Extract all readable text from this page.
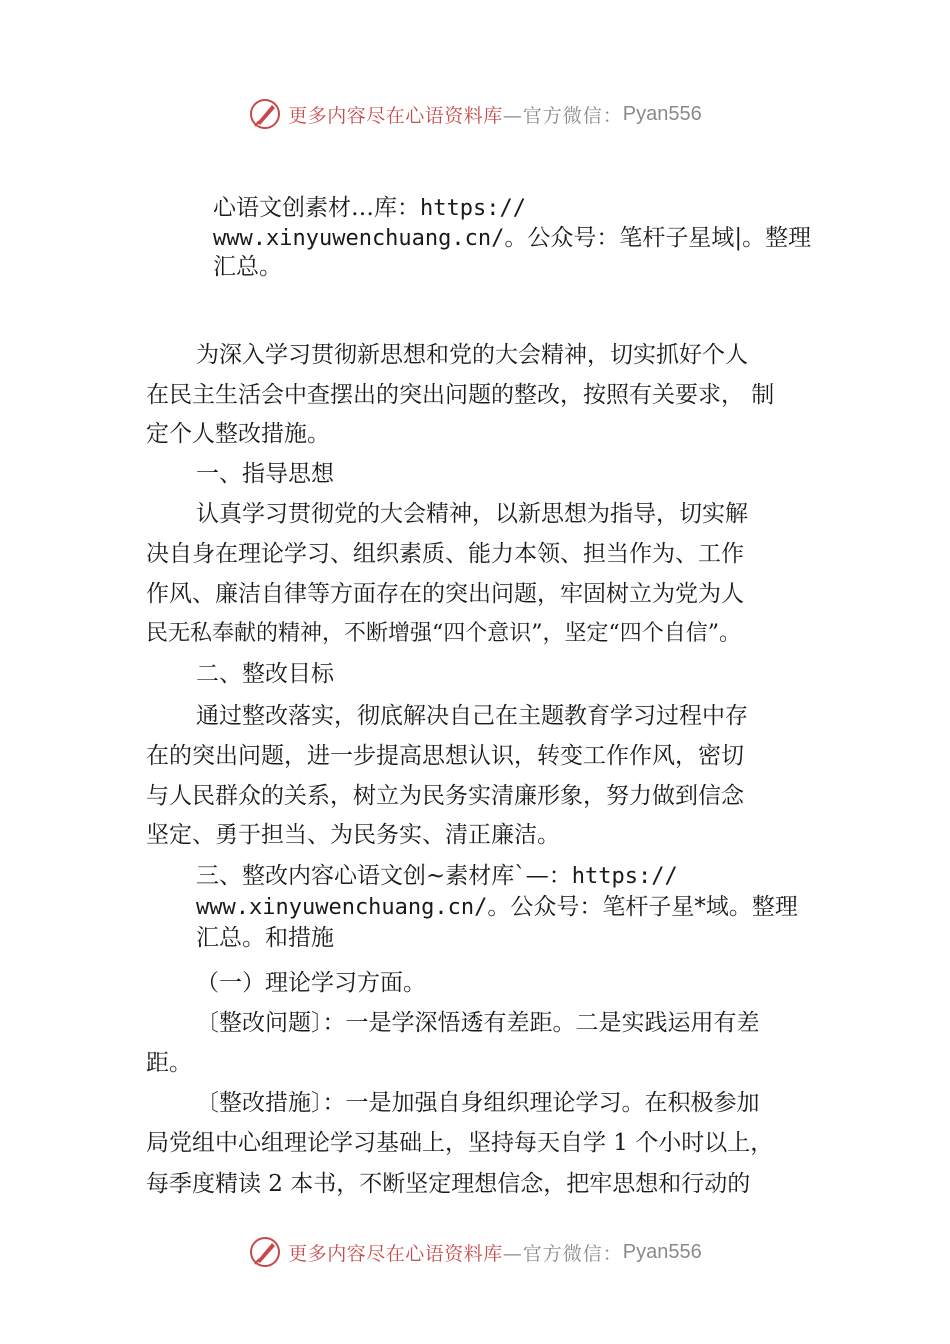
更多内容尽在心语资料库 —官方微信： Pyan556
心语文创素材…库：https://
www.xinyuwenchuang.cn/。公众号：笔杆子星域|。整理
汇总。
为深入学习贯彻新思想和党的大会精神，切实抓好个人
在民主生活会中查摆出的突出问题的整改，按照有关要求， 制
定个人整改措施。
一、指导思想
认真学习贯彻党的大会精神，以新思想为指导，切实解
决自身在理论学习、组织素质、能力本领、担当作为、工作
作风、廉洁自律等方面存在的突出问题，牢固树立为党为人
民无私奉献的精神，不断增强“四个意识”，坚定“四个自信”。
二、整改目标
通过整改落实，彻底解决自己在主题教育学习过程中存
在的突出问题，进一步提高思想认识，转变工作作风，密切
与人民群众的关系，树立为民务实清廉形象，努力做到信念
坚定、勇于担当、为民务实、清正廉洁。
三、整改内容心语文创~素材库`—：https://
www.xinyuwenchuang.cn/。公众号：笔杆子星*域。整理
汇总。和措施
（一）理论学习方面。
〔整改问题〕：一是学深悟透有差距。二是实践运用有差
距。
〔整改措施〕：一是加强自身组织理论学习。在积极参加
局党组中心组理论学习基础上，坚持每天自学 1 个小时以上，
每季度精读 2 本书，不断坚定理想信念，把牢思想和行动的
更多内容尽在心语资料库 —官方微信： Pyan556
